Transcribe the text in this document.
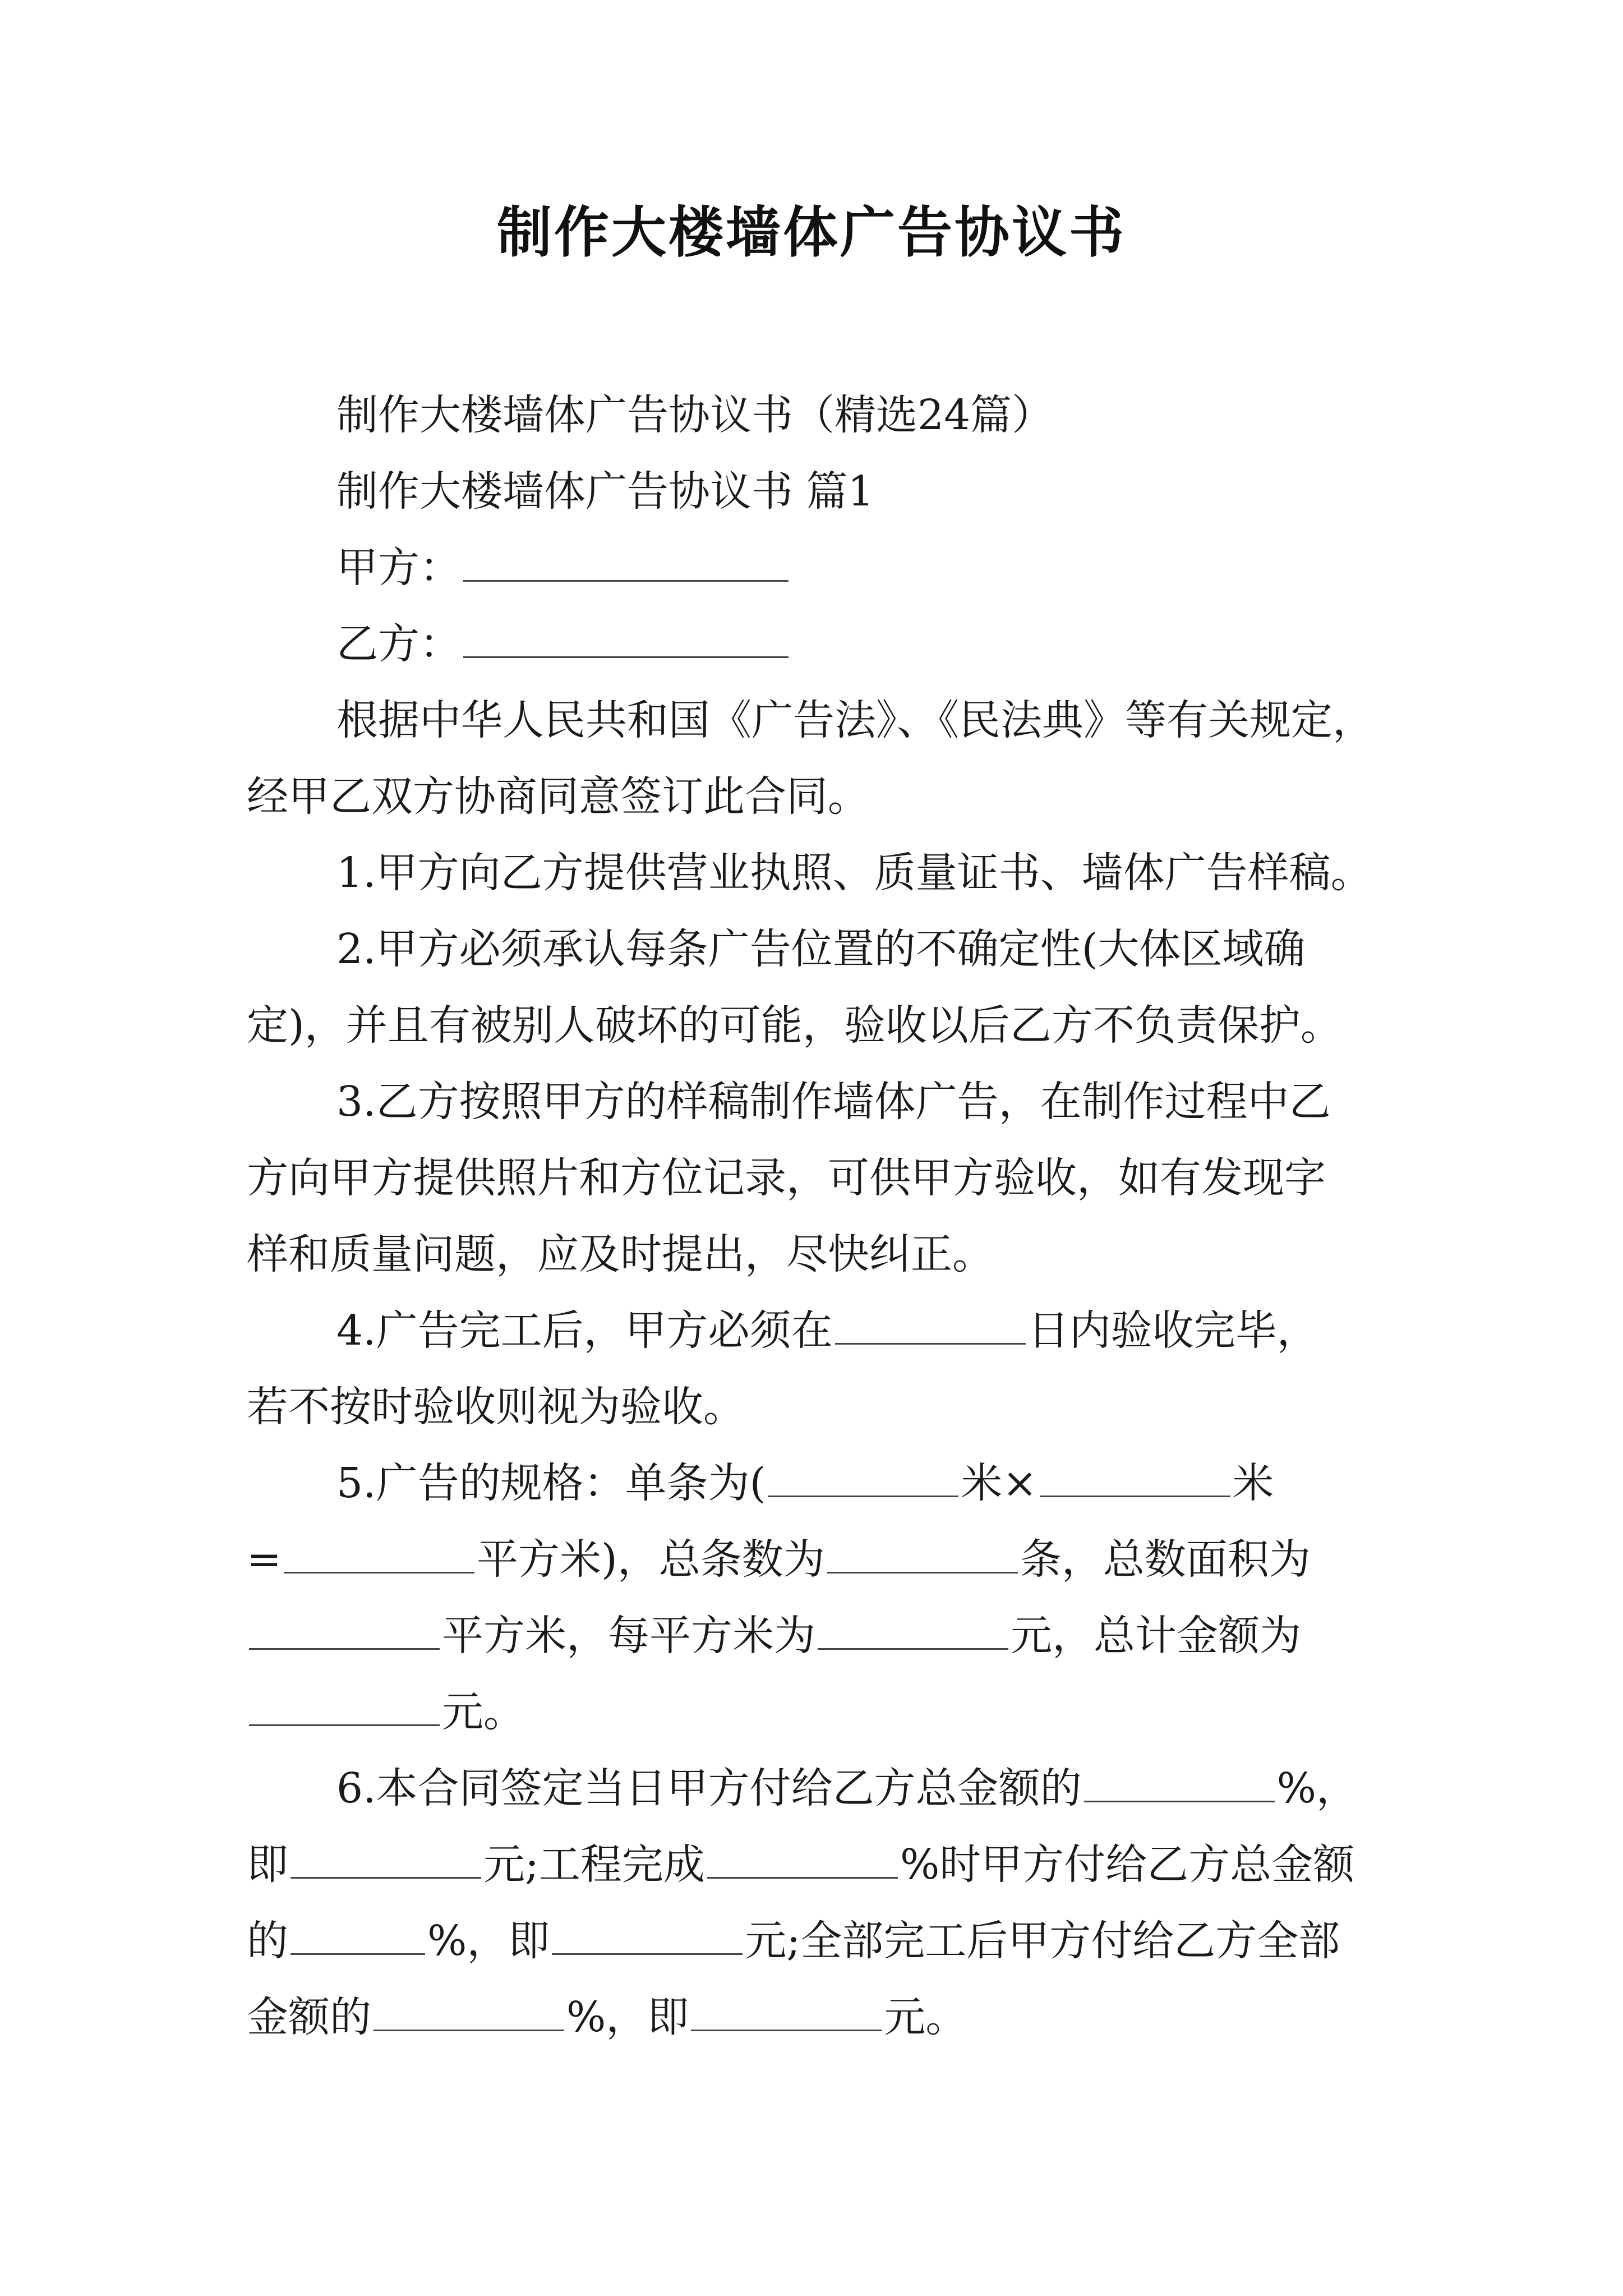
制作大楼墙体广告协议书
制作大楼墙体广告协议书（精选24篇）
制作大楼墙体广告协议书 篇1
甲方：
乙方：
根据中华人民共和国《广告法》、《民法典》等有关规定，
经甲乙双方协商同意签订此合同。
1.甲方向乙方提供营业执照、质量证书、墙体广告样稿。
2.甲方必须承认每条广告位置的不确定性(大体区域确
定)，并且有被别人破坏的可能，验收以后乙方不负责保护。
3.乙方按照甲方的样稿制作墙体广告，在制作过程中乙
方向甲方提供照片和方位记录，可供甲方验收，如有发现字
样和质量问题，应及时提出，尽快纠正。
4.广告完工后，甲方必须在	日内验收完毕，
若不按时验收则视为验收。
5.广告的规格：单条为(	米×	米
=	平方米)，总条数为	条，总数面积为
平方米，每平方米为	元，总计金额为
元。
6.本合同签定当日甲方付给乙方总金额的	%，
即	元;工程完成	%时甲方付给乙方总金额
的	%，即	元;全部完工后甲方付给乙方全部
金额的	%，即	元。
